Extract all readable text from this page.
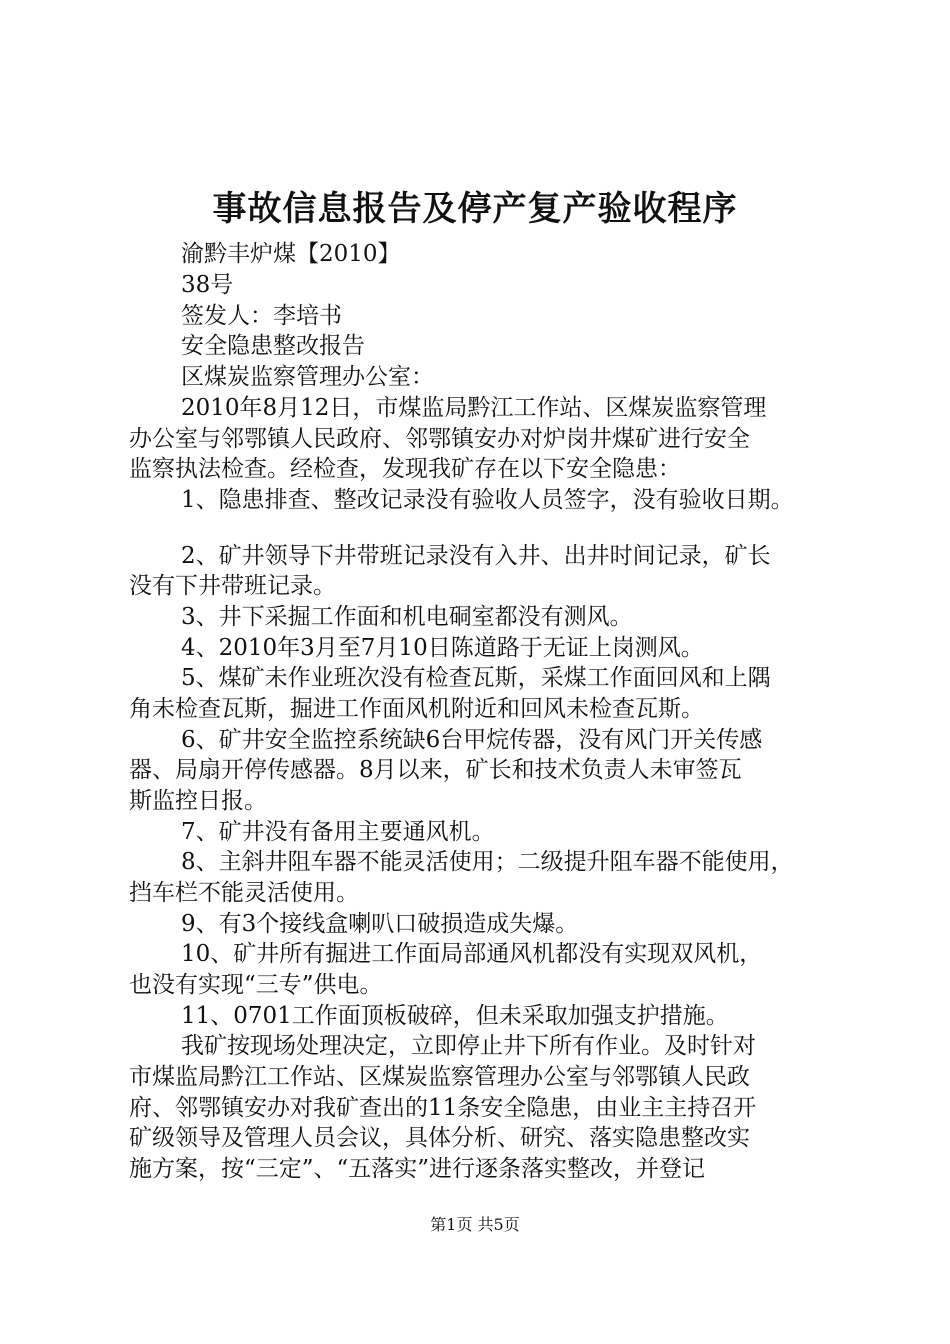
事故信息报告及停产复产验收程序

渝黔丰炉煤【2010】

38号

签发人：李培书

安全隐患整改报告

区煤炭监察管理办公室：

2010年8月12日，市煤监局黔江工作站、区煤炭监察管理

办公室与邻鄂镇人民政府、邻鄂镇安办对炉岗井煤矿进行安全

监察执法检查。经检查，发现我矿存在以下安全隐患：

1、隐患排查、整改记录没有验收人员签字，没有验收日期。

2、矿井领导下井带班记录没有入井、出井时间记录，矿长

没有下井带班记录。

3、井下采掘工作面和机电硐室都没有测风。

4、2010年3月至7月10日陈道路于无证上岗测风。

5、煤矿未作业班次没有检查瓦斯，采煤工作面回风和上隅

角未检查瓦斯，掘进工作面风机附近和回风未检查瓦斯。

6、矿井安全监控系统缺6台甲烷传器，没有风门开关传感

器、局扇开停传感器。8月以来，矿长和技术负责人未审签瓦

斯监控日报。

7、矿井没有备用主要通风机。

8、主斜井阻车器不能灵活使用；二级提升阻车器不能使用，

挡车栏不能灵活使用。

9、有3个接线盒喇叭口破损造成失爆。

10、矿井所有掘进工作面局部通风机都没有实现双风机，

也没有实现“三专”供电。

11、0701工作面顶板破碎，但未采取加强支护措施。

我矿按现场处理决定，立即停止井下所有作业。及时针对

市煤监局黔江工作站、区煤炭监察管理办公室与邻鄂镇人民政

府、邻鄂镇安办对我矿查出的11条安全隐患，由业主主持召开

矿级领导及管理人员会议，具体分析、研究、落实隐患整改实

施方案，按“三定”、“五落实”进行逐条落实整改，并登记

第1页 共5页
